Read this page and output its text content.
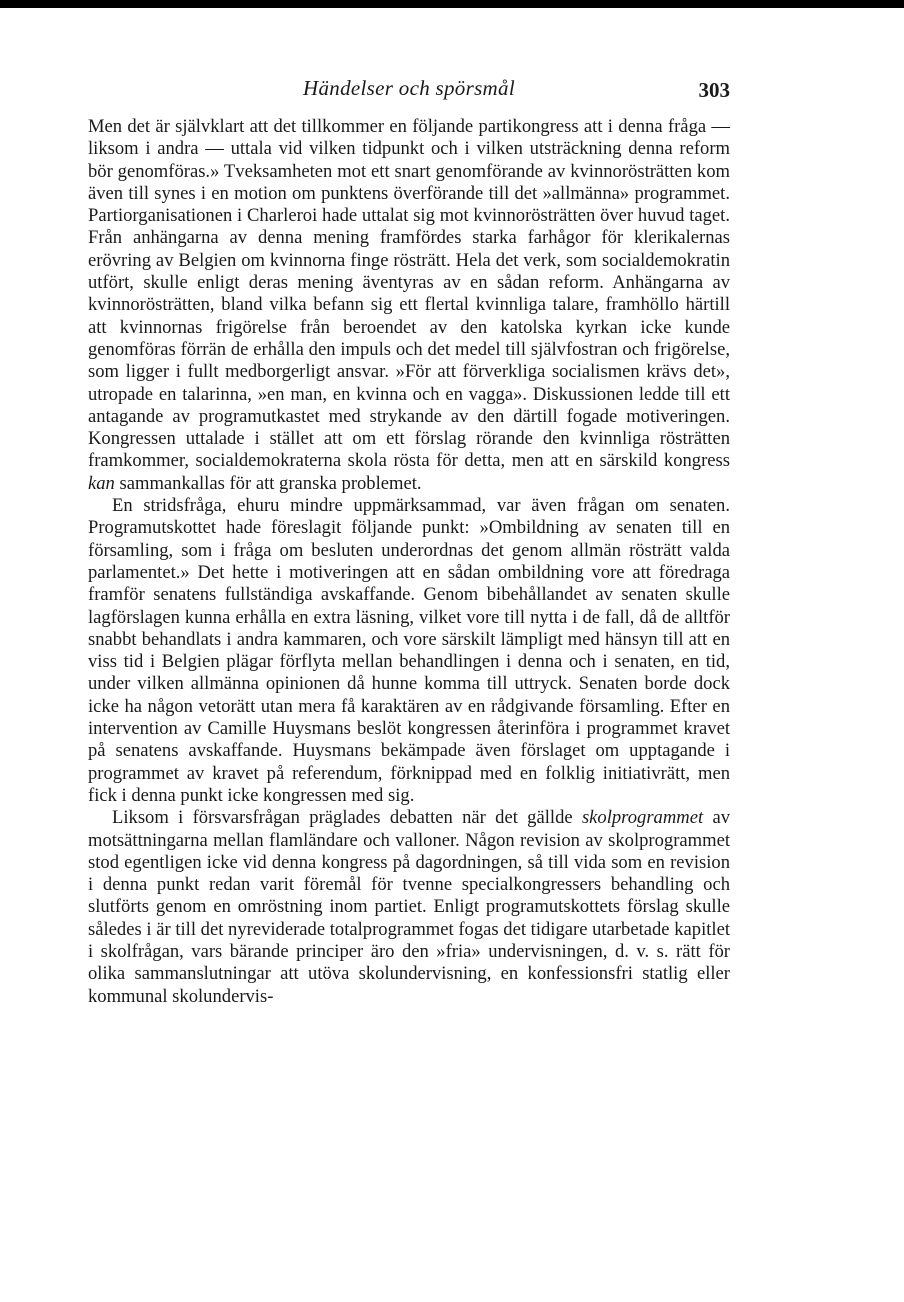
Händelser och spörsmål	303

Men det är självklart att det tillkommer en följande partikongress att i denna fråga — liksom i andra — uttala vid vilken tidpunkt och i vilken utsträckning denna reform bör genomföras.» Tveksamheten mot ett snart genomförande av kvinnorösträtten kom även till synes i en motion om punktens överförande till det »allmänna» programmet. Partiorganisationen i Charleroi hade uttalat sig mot kvinnorösträtten över huvud taget. Från anhängarna av denna mening framfördes starka farhågor för klerikalernas erövring av Belgien om kvinnorna finge rösträtt. Hela det verk, som socialdemokratin utfört, skulle enligt deras mening äventyras av en sådan reform. Anhängarna av kvinnorösträtten, bland vilka befann sig ett flertal kvinnliga talare, framhöllo härtill att kvinnornas frigörelse från beroendet av den katolska kyrkan icke kunde genomföras förrän de erhålla den impuls och det medel till självfostran och frigörelse, som ligger i fullt medborgerligt ansvar. »För att förverkliga socialismen krävs det», utropade en talarinna, »en man, en kvinna och en vagga». Diskussionen ledde till ett antagande av programutkastet med strykande av den därtill fogade motiveringen. Kongressen uttalade i stället att om ett förslag rörande den kvinnliga rösträtten framkommer, socialdemokraterna skola rösta för detta, men att en särskild kongress kan sammankallas för att granska problemet.

En stridsfråga, ehuru mindre uppmärksammad, var även frågan om senaten. Programutskottet hade föreslagit följande punkt: »Ombildning av senaten till en församling, som i fråga om besluten underordnas det genom allmän rösträtt valda parlamentet.» Det hette i motiveringen att en sådan ombildning vore att föredraga framför senatens fullständiga avskaffande. Genom bibehållandet av senaten skulle lagförslagen kunna erhålla en extra läsning, vilket vore till nytta i de fall, då de alltför snabbt behandlats i andra kammaren, och vore särskilt lämpligt med hänsyn till att en viss tid i Belgien plägar förflyta mellan behandlingen i denna och i senaten, en tid, under vilken allmänna opinionen då hunne komma till uttryck. Senaten borde dock icke ha någon vetorätt utan mera få karaktären av en rådgivande församling. Efter en intervention av Camille Huysmans beslöt kongressen återinföra i programmet kravet på senatens avskaffande. Huysmans bekämpade även förslaget om upptagande i programmet av kravet på referendum, förknippad med en folklig initiativrätt, men fick i denna punkt icke kongressen med sig.

Liksom i försvarsfrågan präglades debatten när det gällde skolprogrammet av motsättningarna mellan flamländare och valloner. Någon revision av skolprogrammet stod egentligen icke vid denna kongress på dagordningen, så till vida som en revision i denna punkt redan varit föremål för tvenne specialkongressers behandling och slutförts genom en omröstning inom partiet. Enligt programutskottets förslag skulle således i är till det nyreviderade totalprogrammet fogas det tidigare utarbetade kapitlet i skolfrågan, vars bärande principer äro den »fria» undervisningen, d. v. s. rätt för olika sammanslutningar att utöva skolundervisning, en konfessionsfri statlig eller kommunal skolundervis-
